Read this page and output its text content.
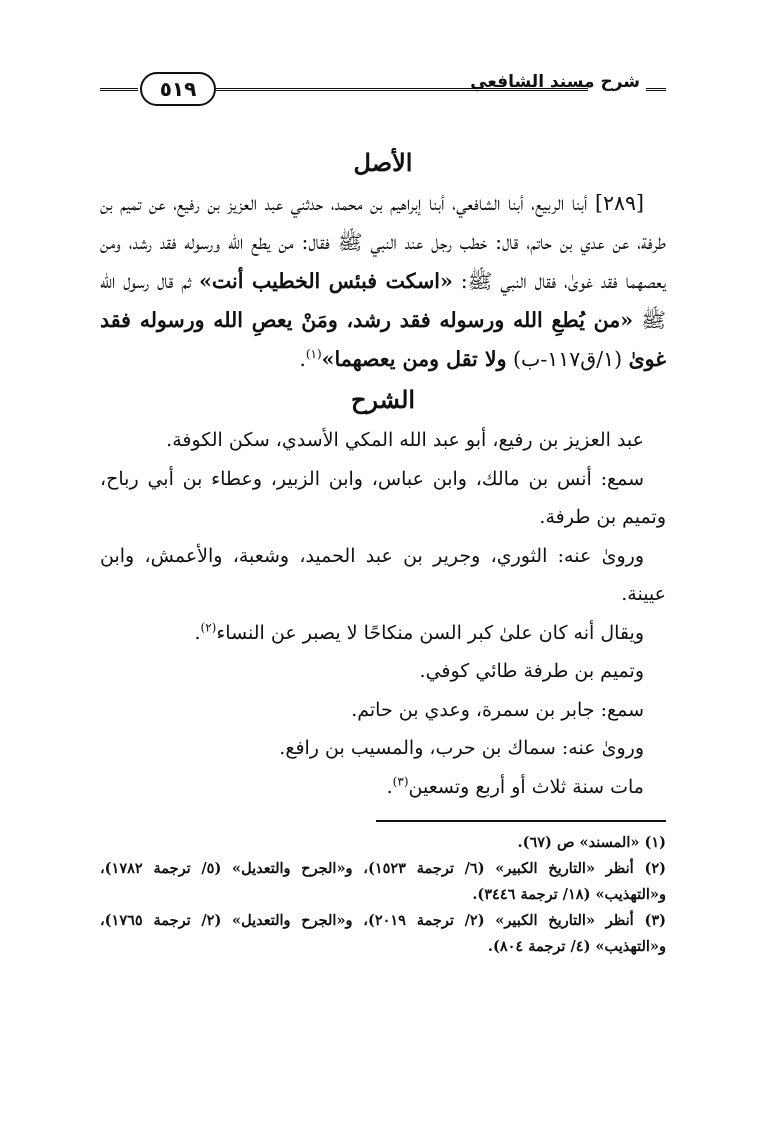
٥١٩	شرح مسند الشافعي
الأصل

[٢٨٩] أبنا الربيع، أبنا الشافعي، أبنا إبراهيم بن محمد، حدثني عبد العزيز بن رفيع، عن تميم بن طرفة، عن عدي بن حاتم، قال: خطب رجل عند النبي ﷺ فقال: من يطع الله ورسوله فقد رشد، ومن يعصهما فقد غوىٰ، فقال النبي ﷺ: «اسكت فبئس الخطيب أنت» ثم قال رسول الله ﷺ «من يُطعِ الله ورسوله فقد رشد، ومَنْ يعصِ الله ورسوله فقد غوىٰ (١/ق١١٧-ب) ولا تقل ومن يعصهما»$^{(١)}$.

الشرح

عبد العزيز بن رفيع، أبو عبد الله المكي الأسدي، سكن الكوفة.

سمع: أنس بن مالك، وابن عباس، وابن الزبير، وعطاء بن أبي رباح، وتميم بن طرفة.

وروىٰ عنه: الثوري، وجرير بن عبد الحميد، وشعبة، والأعمش، وابن عيينة.

ويقال أنه كان علىٰ كبر السن منكاحًا لا يصبر عن النساء$^{(٢)}$.

وتميم بن طرفة طائي كوفي.

سمع: جابر بن سمرة، وعدي بن حاتم.

وروىٰ عنه: سماك بن حرب، والمسيب بن رافع.

مات سنة ثلاث أو أربع وتسعين$^{(٣)}$.

(١) «المسند» ص (٦٧).

(٢) أنظر «التاريخ الكبير» (٦/ ترجمة ١٥٢٣)، و«الجرح والتعديل» (٥/ ترجمة ١٧٨٢)، و«التهذيب» (١٨/ ترجمة ٣٤٤٦).

(٣) أنظر «التاريخ الكبير» (٢/ ترجمة ٢٠١٩)، و«الجرح والتعديل» (٢/ ترجمة ١٧٦٥)، و«التهذيب» (٤/ ترجمة ٨٠٤).
